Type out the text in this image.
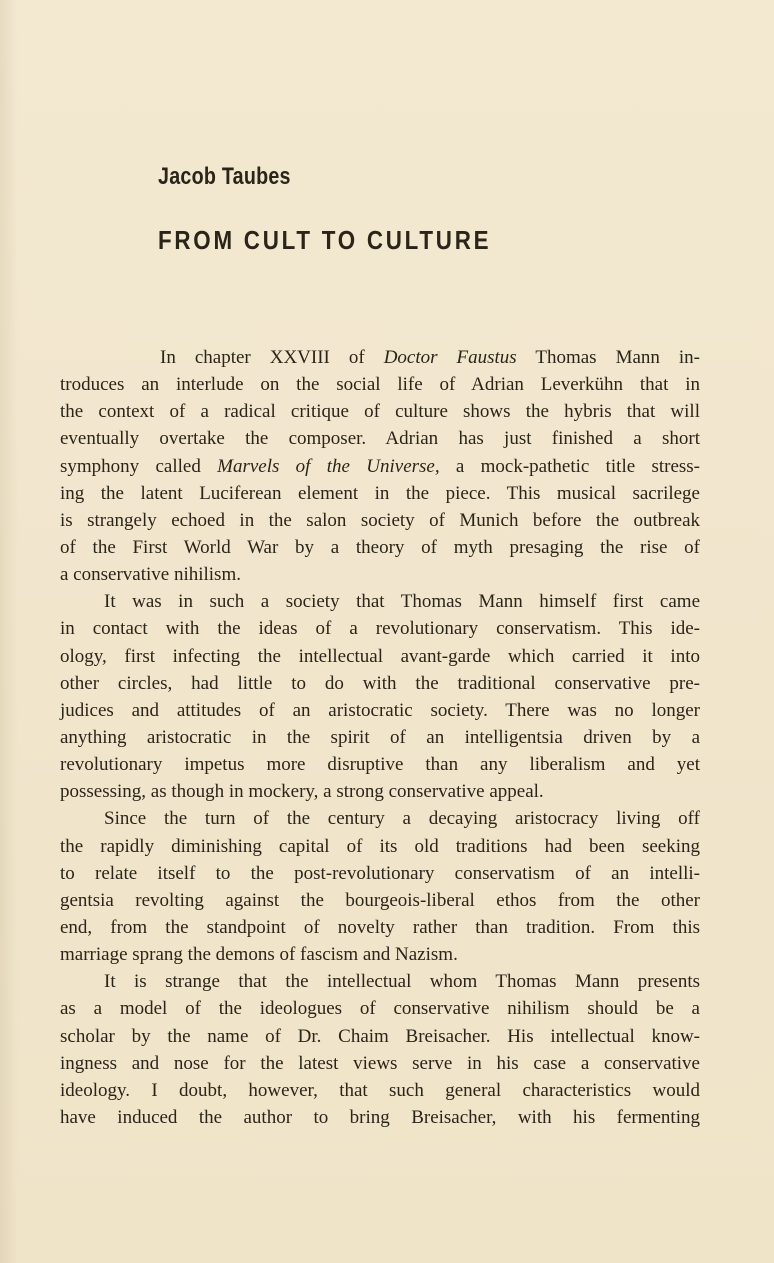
Jacob Taubes
FROM CULT TO CULTURE
In chapter XXVIII of Doctor Faustus Thomas Mann in-
troduces an interlude on the social life of Adrian Leverkühn that in
the context of a radical critique of culture shows the hybris that will
eventually overtake the composer. Adrian has just finished a short
symphony called Marvels of the Universe, a mock-pathetic title stress-
ing the latent Luciferean element in the piece. This musical sacrilege
is strangely echoed in the salon society of Munich before the outbreak
of the First World War by a theory of myth presaging the rise of
a conservative nihilism.
It was in such a society that Thomas Mann himself first came
in contact with the ideas of a revolutionary conservatism. This ide-
ology, first infecting the intellectual avant-garde which carried it into
other circles, had little to do with the traditional conservative pre-
judices and attitudes of an aristocratic society. There was no longer
anything aristocratic in the spirit of an intelligentsia driven by a
revolutionary impetus more disruptive than any liberalism and yet
possessing, as though in mockery, a strong conservative appeal.
Since the turn of the century a decaying aristocracy living off
the rapidly diminishing capital of its old traditions had been seeking
to relate itself to the post-revolutionary conservatism of an intelli-
gentsia revolting against the bourgeois-liberal ethos from the other
end, from the standpoint of novelty rather than tradition. From this
marriage sprang the demons of fascism and Nazism.
It is strange that the intellectual whom Thomas Mann presents
as a model of the ideologues of conservative nihilism should be a
scholar by the name of Dr. Chaim Breisacher. His intellectual know-
ingness and nose for the latest views serve in his case a conservative
ideology. I doubt, however, that such general characteristics would
have induced the author to bring Breisacher, with his fermenting
